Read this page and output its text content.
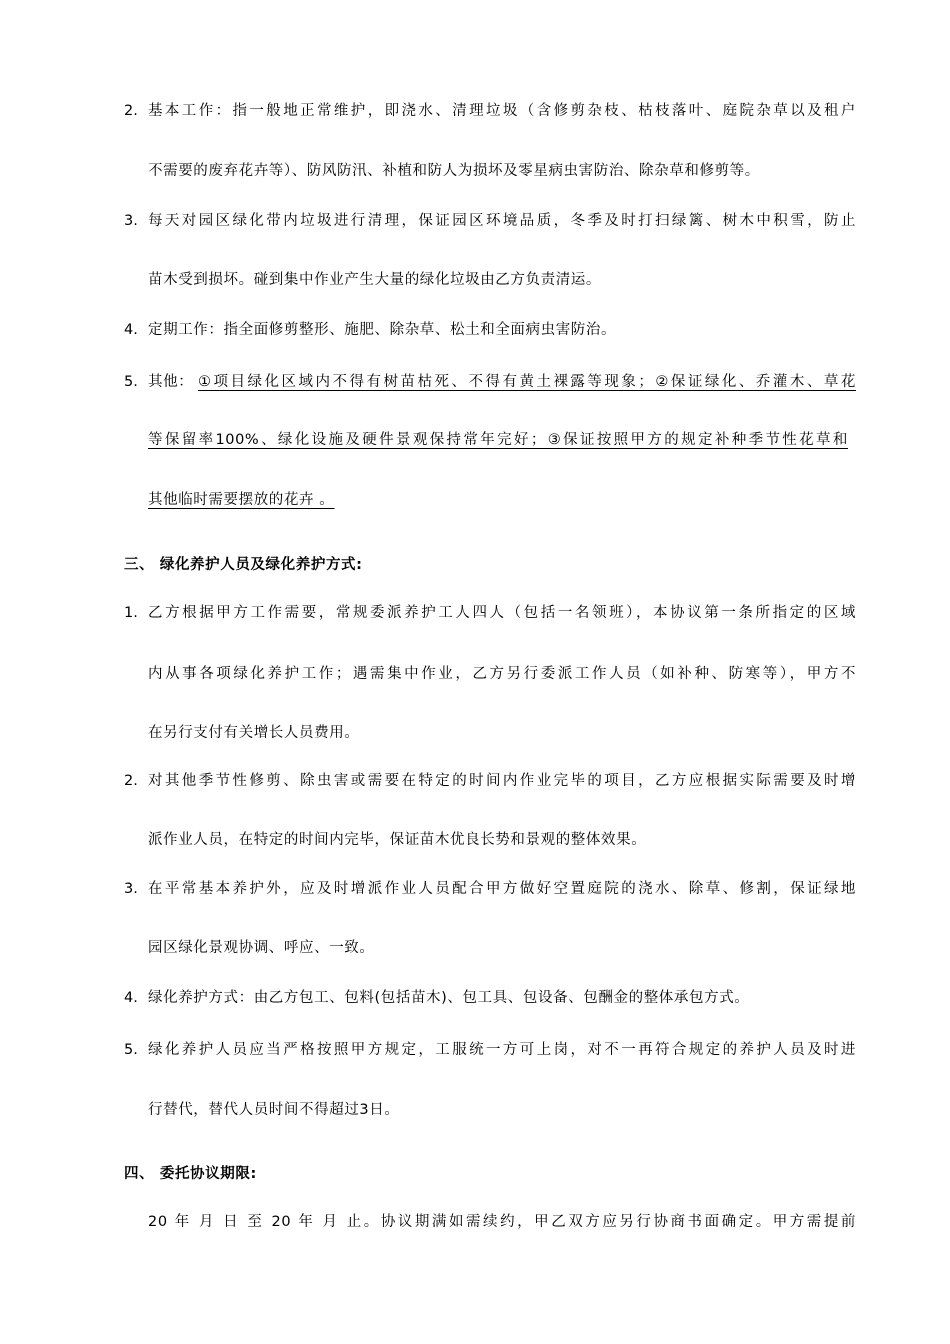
2. 基本工作：指一般地正常维护，即浇水、清理垃圾（含修剪杂枝、枯枝落叶、庭院杂草以及租户
不需要的废弃花卉等）、防风防汛、补植和防人为损坏及零星病虫害防治、除杂草和修剪等。
3. 每天对园区绿化带内垃圾进行清理，保证园区环境品质，冬季及时打扫绿篱、树木中积雪，防止
苗木受到损坏。碰到集中作业产生大量的绿化垃圾由乙方负责清运。
4. 定期工作：指全面修剪整形、施肥、除杂草、松土和全面病虫害防治。
5. 其他： ①项目绿化区域内不得有树苗枯死、不得有黄土裸露等现象；②保证绿化、乔灌木、草花
等保留率100%、绿化设施及硬件景观保持常年完好；③保证按照甲方的规定补种季节性花草和
其他临时需要摆放的花卉 。
三、 绿化养护人员及绿化养护方式:
1. 乙方根据甲方工作需要，常规委派养护工人四人（包括一名领班），本协议第一条所指定的区域
内从事各项绿化养护工作；遇需集中作业，乙方另行委派工作人员（如补种、防寒等），甲方不
在另行支付有关增长人员费用。
2. 对其他季节性修剪、除虫害或需要在特定的时间内作业完毕的项目，乙方应根据实际需要及时增
派作业人员，在特定的时间内完毕，保证苗木优良长势和景观的整体效果。
3. 在平常基本养护外，应及时增派作业人员配合甲方做好空置庭院的浇水、除草、修割，保证绿地
园区绿化景观协调、呼应、一致。
4. 绿化养护方式：由乙方包工、包料(包括苗木)、包工具、包设备、包酬金的整体承包方式。
5. 绿化养护人员应当严格按照甲方规定，工服统一方可上岗，对不一再符合规定的养护人员及时进
行替代，替代人员时间不得超过3日。
四、 委托协议期限:
20 年 月 日 至 20 年 月 止。协议期满如需续约，甲乙双方应另行协商书面确定。甲方需提前
